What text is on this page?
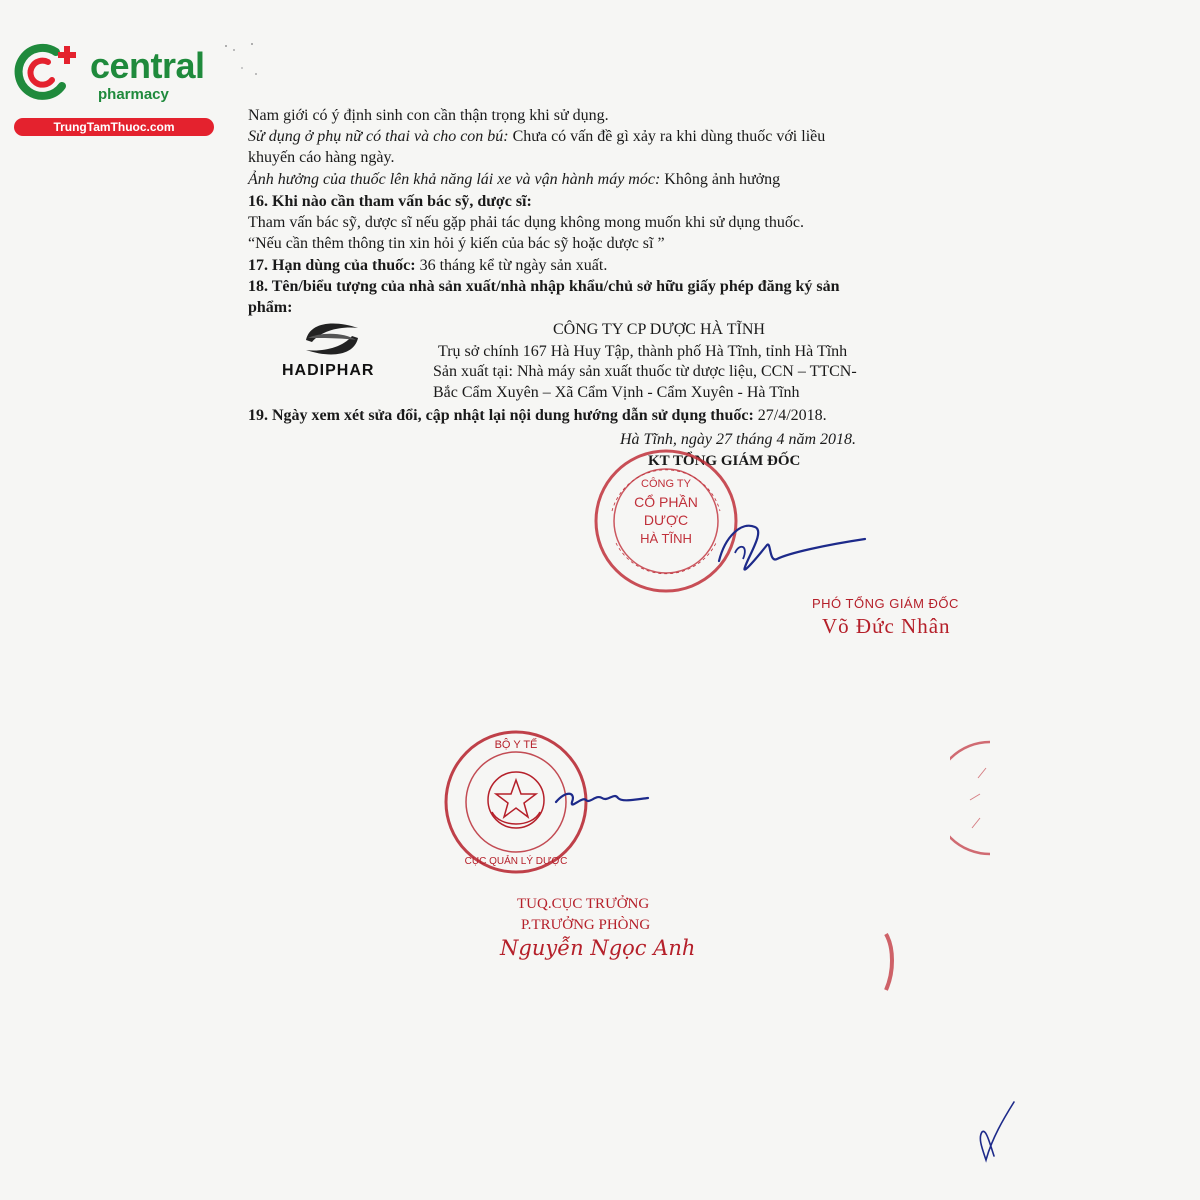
central
pharmacy
TrungTamThuoc.com
Nam giới có ý định sinh con cần thận trọng khi sử dụng.
Sử dụng ở phụ nữ có thai và cho con bú: Chưa có vấn đề gì xảy ra khi dùng thuốc với liều
khuyến cáo hàng ngày.
Ảnh hưởng của thuốc lên khả năng lái xe và vận hành máy móc: Không ảnh hưởng
16. Khi nào cần tham vấn bác sỹ, dược sĩ:
Tham vấn bác sỹ, dược sĩ nếu gặp phải tác dụng không mong muốn khi sử dụng thuốc.
“Nếu cần thêm thông tin xin hỏi ý kiến của bác sỹ hoặc dược sĩ ”
17. Hạn dùng của thuốc: 36 tháng kể từ ngày sản xuất.
18. Tên/biểu tượng của nhà sản xuất/nhà nhập khẩu/chủ sở hữu giấy phép đăng ký sản
phẩm:
HADIPHAR
CÔNG TY CP DƯỢC HÀ TĨNH
Trụ sở chính 167 Hà Huy Tập, thành phố Hà Tĩnh, tỉnh Hà Tĩnh
Sản xuất tại: Nhà máy sản xuất thuốc từ dược liệu, CCN – TTCN-
Bắc Cẩm Xuyên – Xã Cẩm Vịnh - Cẩm Xuyên - Hà Tĩnh
19. Ngày xem xét sửa đổi, cập nhật lại nội dung hướng dẫn sử dụng thuốc: 27/4/2018.
Hà Tĩnh, ngày 27 tháng 4 năm 2018.
KT TỔNG GIÁM ĐỐC
CÔNG TY
CỔ PHẦN
DƯỢC
HÀ TĨNH
PHÓ TỔNG GIÁM ĐỐC
Võ Đức Nhân
BỘ Y TẾ
CỤC QUẢN LÝ DƯỢC
TUQ.CỤC TRƯỞNG
P.TRƯỞNG PHÒNG
Nguyễn Ngọc Anh
